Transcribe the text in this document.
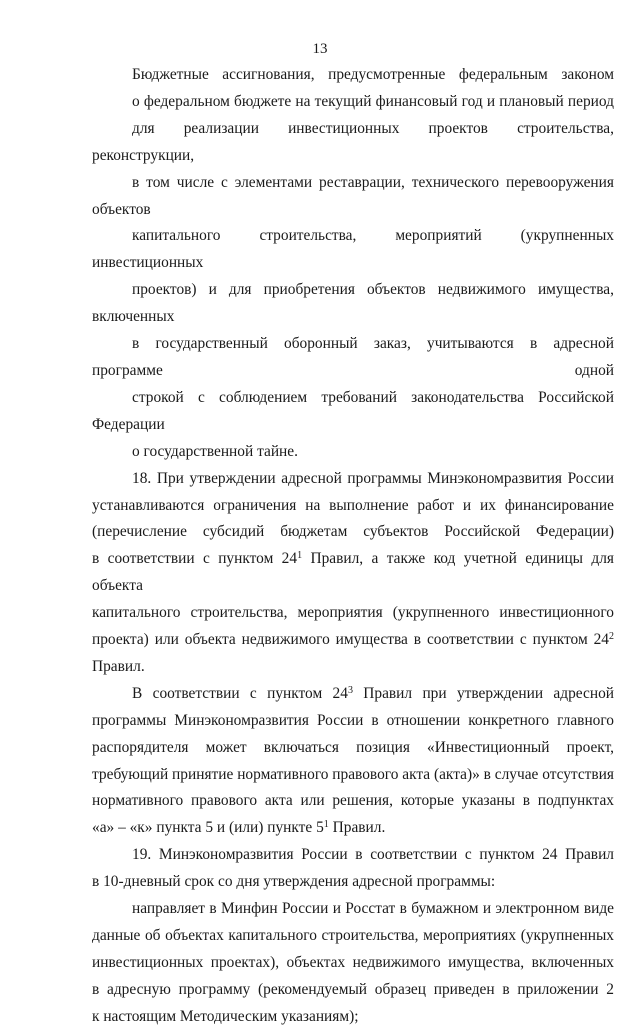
13

Бюджетные ассигнования, предусмотренные федеральным законом
о федеральном бюджете на текущий финансовый год и плановый период
для реализации инвестиционных проектов строительства, реконструкции,
в том числе с элементами реставрации, технического перевооружения объектов
капитального строительства, мероприятий (укрупненных инвестиционных
проектов) и для приобретения объектов недвижимого имущества, включенных
в государственный оборонный заказ, учитываются в адресной программе одной
строкой с соблюдением требований законодательства Российской Федерации
о государственной тайне.

18. При утверждении адресной программы Минэкономразвития России
устанавливаются ограничения на выполнение работ и их финансирование
(перечисление субсидий бюджетам субъектов Российской Федерации)
в соответствии с пунктом $24^1$ Правил, а также код учетной единицы для объекта
капитального строительства, мероприятия (укрупненного инвестиционного
проекта) или объекта недвижимого имущества в соответствии с пунктом $24^2$
Правил.

В соответствии с пунктом $24^3$ Правил при утверждении адресной
программы Минэкономразвития России в отношении конкретного главного
распорядителя может включаться позиция «Инвестиционный проект,
требующий принятие нормативного правового акта (акта)» в случае отсутствия
нормативного правового акта или решения, которые указаны в подпунктах
«а» – «к» пункта 5 и (или) пункте $5^1$ Правил.

19. Минэкономразвития России в соответствии с пунктом 24 Правил
в 10-дневный срок со дня утверждения адресной программы:

направляет в Минфин России и Росстат в бумажном и электронном виде
данные об объектах капитального строительства, мероприятиях (укрупненных
инвестиционных проектах), объектах недвижимого имущества, включенных
в адресную программу (рекомендуемый образец приведен в приложении 2
к настоящим Методическим указаниям);
